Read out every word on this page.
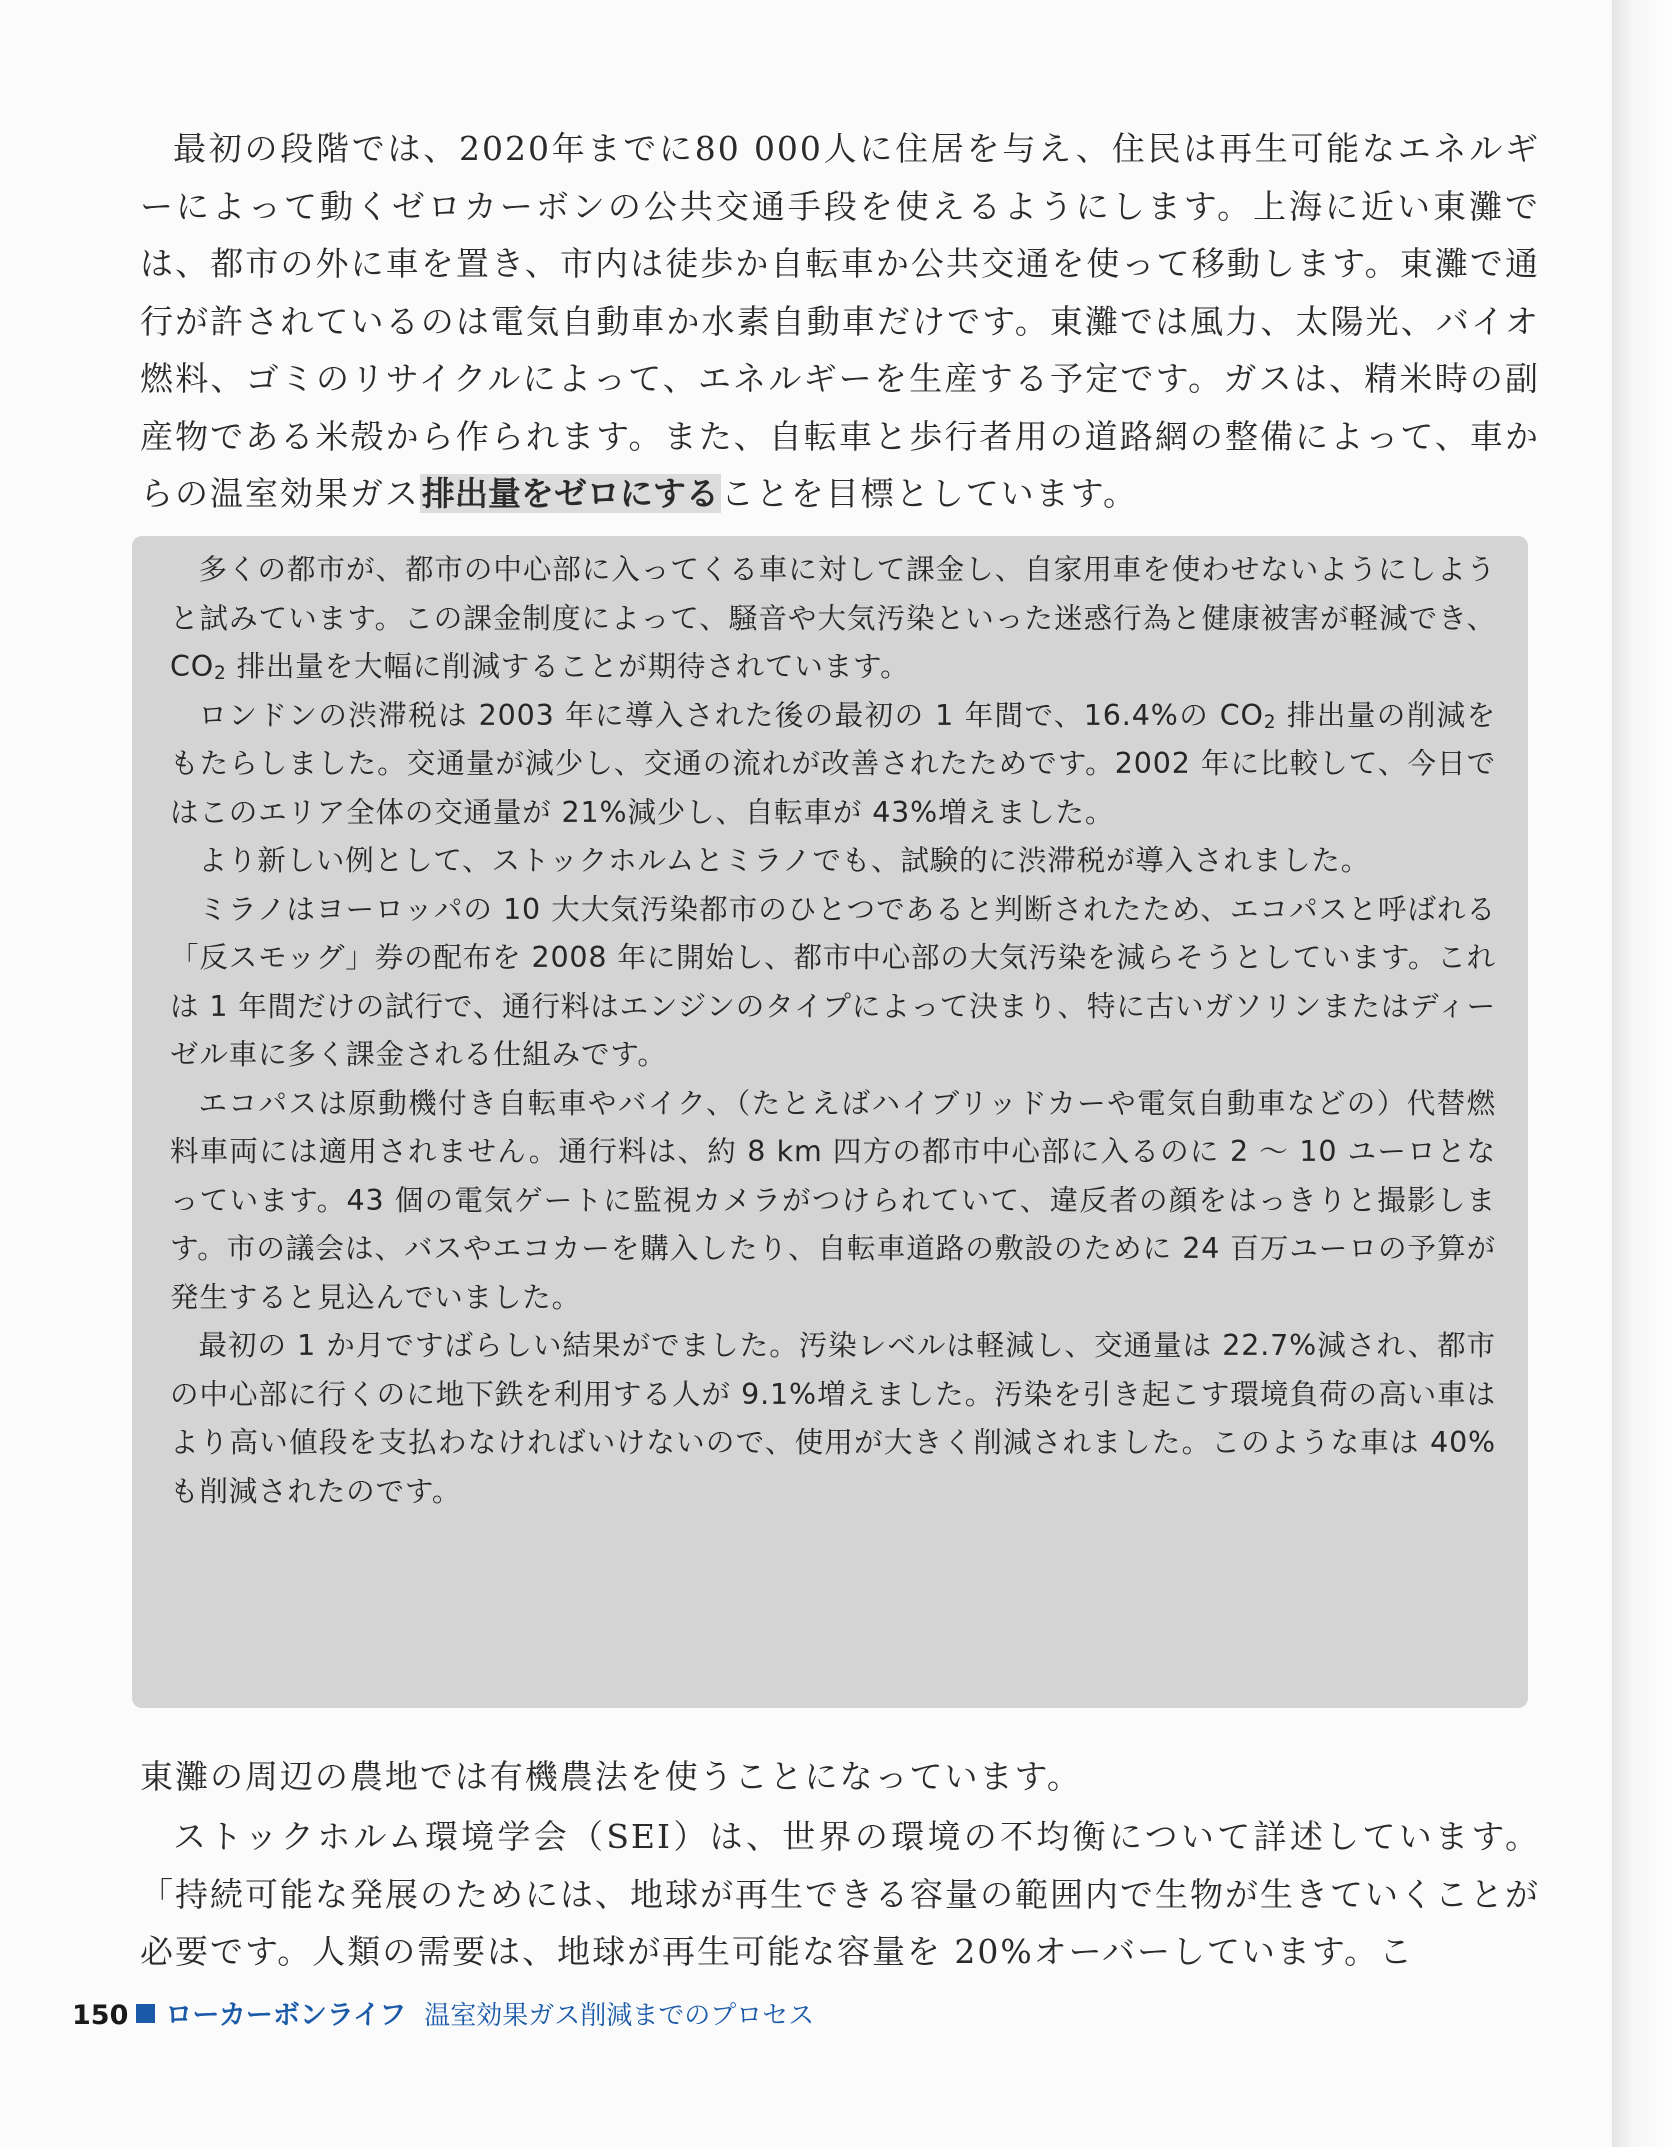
最初の段階では、2020年までに80 000人に住居を与え、住民は再生可能なエネルギーによって動くゼロカーボンの公共交通手段を使えるようにします。上海に近い東灘では、都市の外に車を置き、市内は徒歩か自転車か公共交通を使って移動します。東灘で通行が許されているのは電気自動車か水素自動車だけです。東灘では風力、太陽光、バイオ燃料、ゴミのリサイクルによって、エネルギーを生産する予定です。ガスは、精米時の副産物である米殻から作られます。また、自転車と歩行者用の道路網の整備によって、車からの温室効果ガス排出量をゼロにすることを目標としています。

多くの都市が、都市の中心部に入ってくる車に対して課金し、自家用車を使わせないようにしようと試みています。この課金制度によって、騒音や大気汚染といった迷惑行為と健康被害が軽減でき、$CO_2$ 排出量を大幅に削減することが期待されています。

ロンドンの渋滞税は 2003 年に導入された後の最初の 1 年間で、16.4%の $CO_2$ 排出量の削減をもたらしました。交通量が減少し、交通の流れが改善されたためです。2002 年に比較して、今日ではこのエリア全体の交通量が 21%減少し、自転車が 43%増えました。

より新しい例として、ストックホルムとミラノでも、試験的に渋滞税が導入されました。

ミラノはヨーロッパの 10 大大気汚染都市のひとつであると判断されたため、エコパスと呼ばれる「反スモッグ」券の配布を 2008 年に開始し、都市中心部の大気汚染を減らそうとしています。これは 1 年間だけの試行で、通行料はエンジンのタイプによって決まり、特に古いガソリンまたはディーゼル車に多く課金される仕組みです。

エコパスは原動機付き自転車やバイク、（たとえばハイブリッドカーや電気自動車などの）代替燃料車両には適用されません。通行料は、約 8 km 四方の都市中心部に入るのに 2 〜 10 ユーロとなっています。43 個の電気ゲートに監視カメラがつけられていて、違反者の顔をはっきりと撮影します。市の議会は、バスやエコカーを購入したり、自転車道路の敷設のために 24 百万ユーロの予算が発生すると見込んでいました。

最初の 1 か月ですばらしい結果がでました。汚染レベルは軽減し、交通量は 22.7%減され、都市の中心部に行くのに地下鉄を利用する人が 9.1%増えました。汚染を引き起こす環境負荷の高い車はより高い値段を支払わなければいけないので、使用が大きく削減されました。このような車は 40%も削減されたのです。

東灘の周辺の農地では有機農法を使うことになっています。

ストックホルム環境学会（SEI）は、世界の環境の不均衡について詳述しています。「持続可能な発展のためには、地球が再生できる容量の範囲内で生物が生きていくことが必要です。人類の需要は、地球が再生可能な容量を 20%オーバーしています。こ

150 ローカーボンライフ 温室効果ガス削減までのプロセス
